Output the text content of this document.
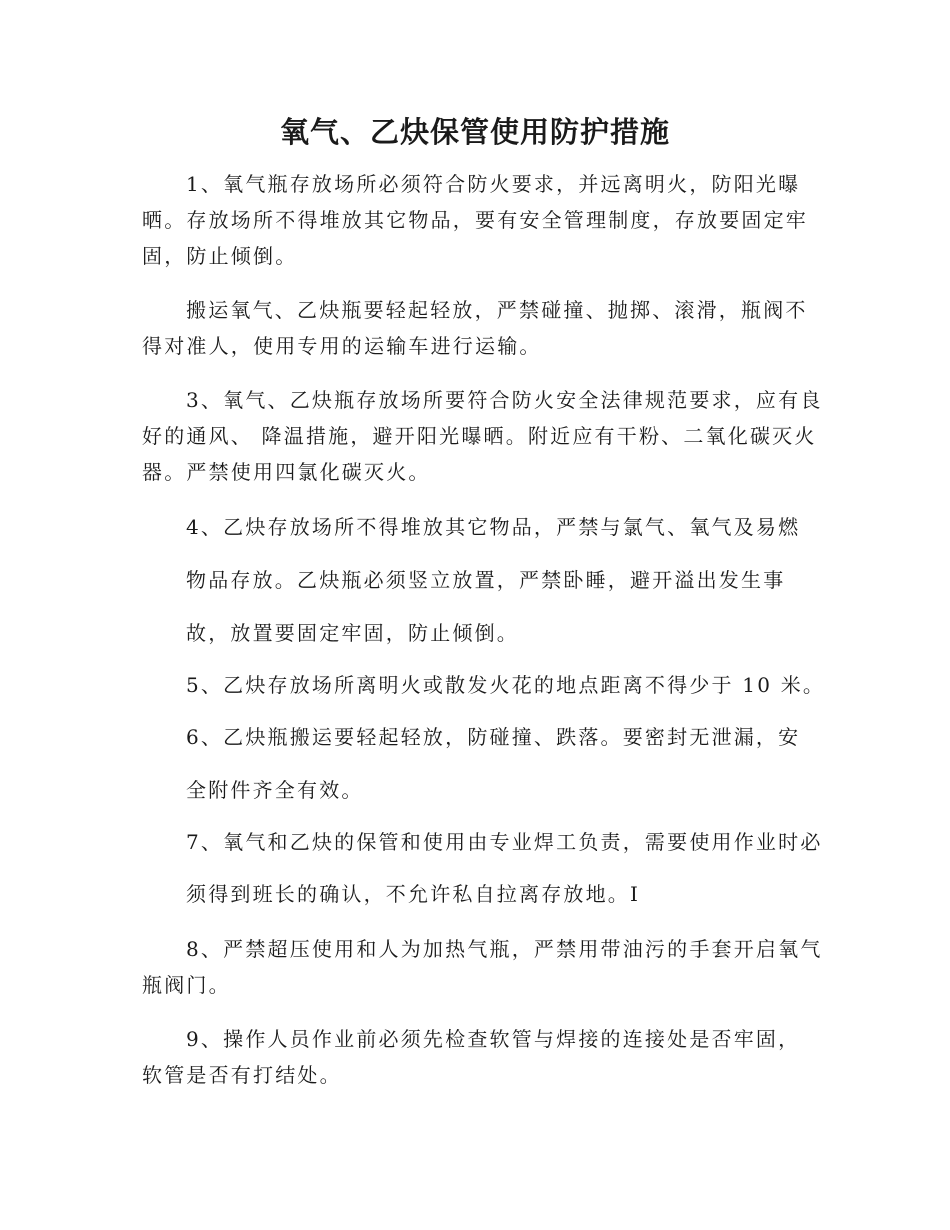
氧气、乙炔保管使用防护措施
1、氧气瓶存放场所必须符合防火要求，并远离明火，防阳光曝
晒。存放场所不得堆放其它物品，要有安全管理制度，存放要固定牢
固，防止倾倒。
搬运氧气、乙炔瓶要轻起轻放，严禁碰撞、抛掷、滚滑，瓶阀不
得对准人，使用专用的运输车进行运输。
3、氧气、乙炔瓶存放场所要符合防火安全法律规范要求，应有良
好的通风、 降温措施，避开阳光曝晒。附近应有干粉、二氧化碳灭火
器。严禁使用四氯化碳灭火。
4、乙炔存放场所不得堆放其它物品，严禁与氯气、氧气及易燃
物品存放。乙炔瓶必须竖立放置，严禁卧睡，避开溢出发生事
故，放置要固定牢固，防止倾倒。
5、乙炔存放场所离明火或散发火花的地点距离不得少于 10 米。
6、乙炔瓶搬运要轻起轻放，防碰撞、跌落。要密封无泄漏，安
全附件齐全有效。
7、氧气和乙炔的保管和使用由专业焊工负责，需要使用作业时必
须得到班长的确认，不允许私自拉离存放地。I
8、严禁超压使用和人为加热气瓶，严禁用带油污的手套开启氧气
瓶阀门。
9、操作人员作业前必须先检查软管与焊接的连接处是否牢固，
软管是否有打结处。
